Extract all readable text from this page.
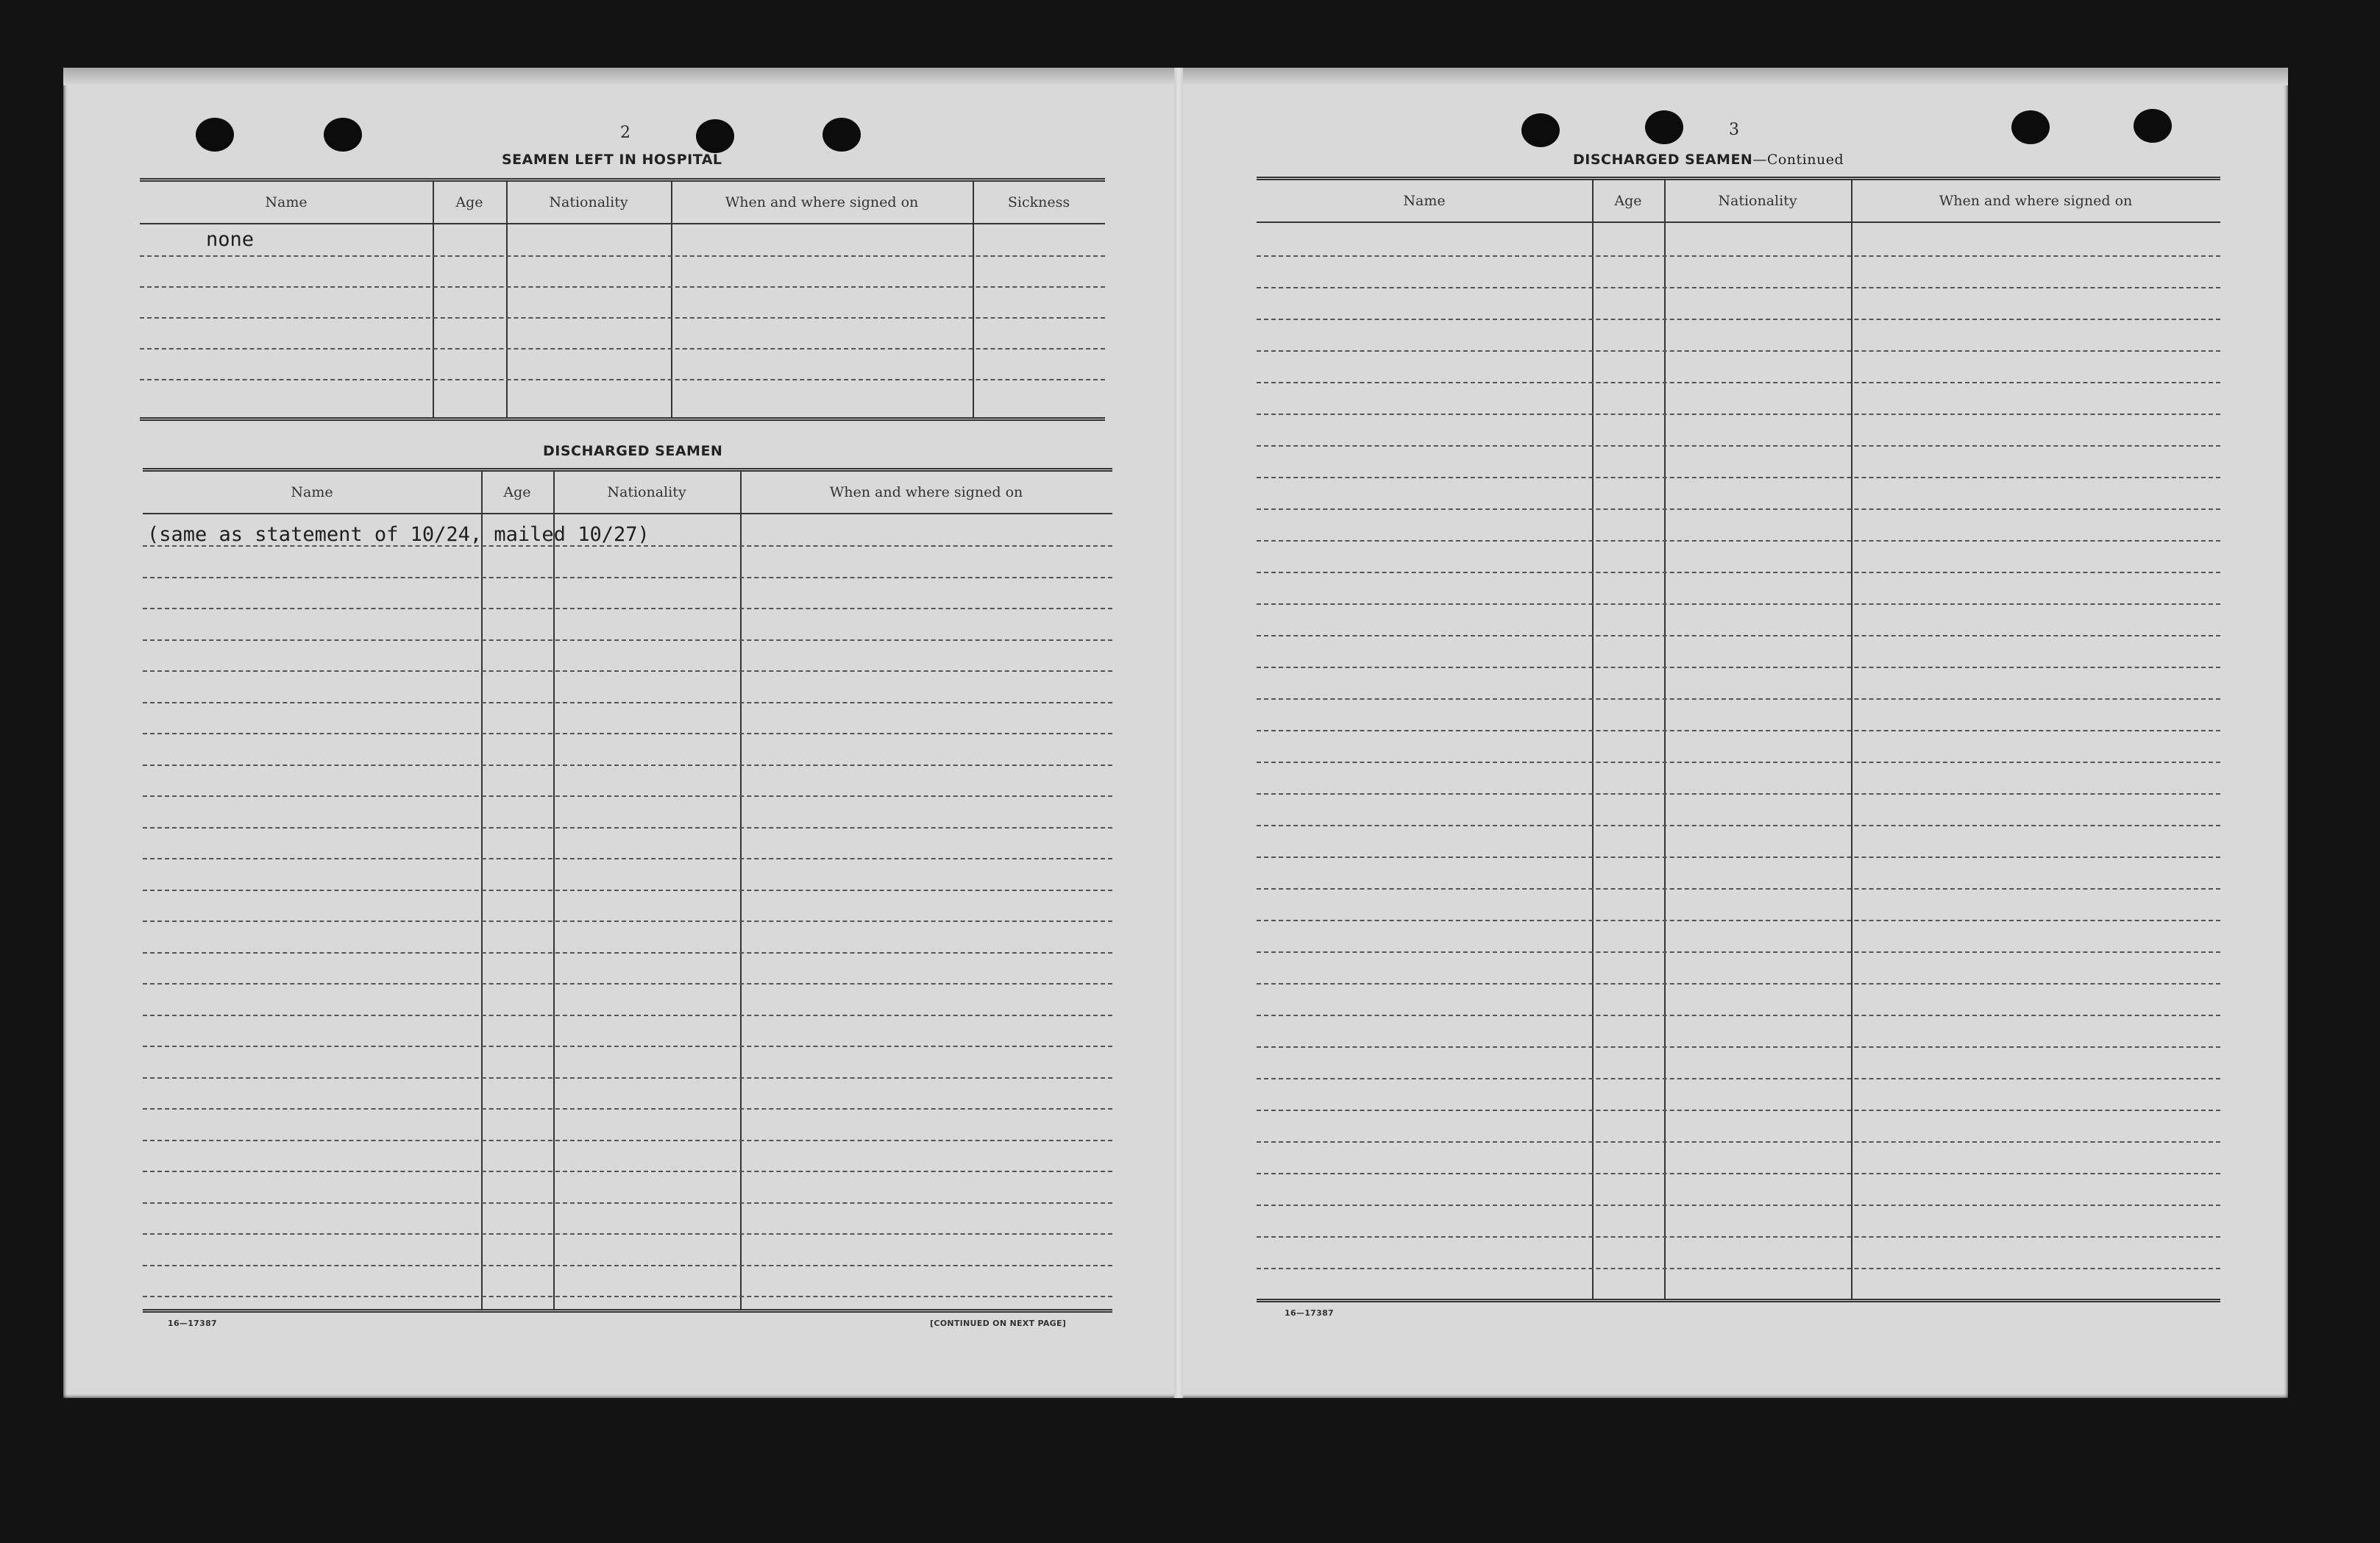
2
SEAMEN LEFT IN HOSPITAL
Name	Age	Nationality	When and where signed on	Sickness
none
DISCHARGED SEAMEN
Name	Age	Nationality	When and where signed on
(same as statement of 10/24, mailed 10/27)
16—17387	[CONTINUED ON NEXT PAGE]
3
DISCHARGED SEAMEN—Continued
Name	Age	Nationality	When and where signed on
16—17387
